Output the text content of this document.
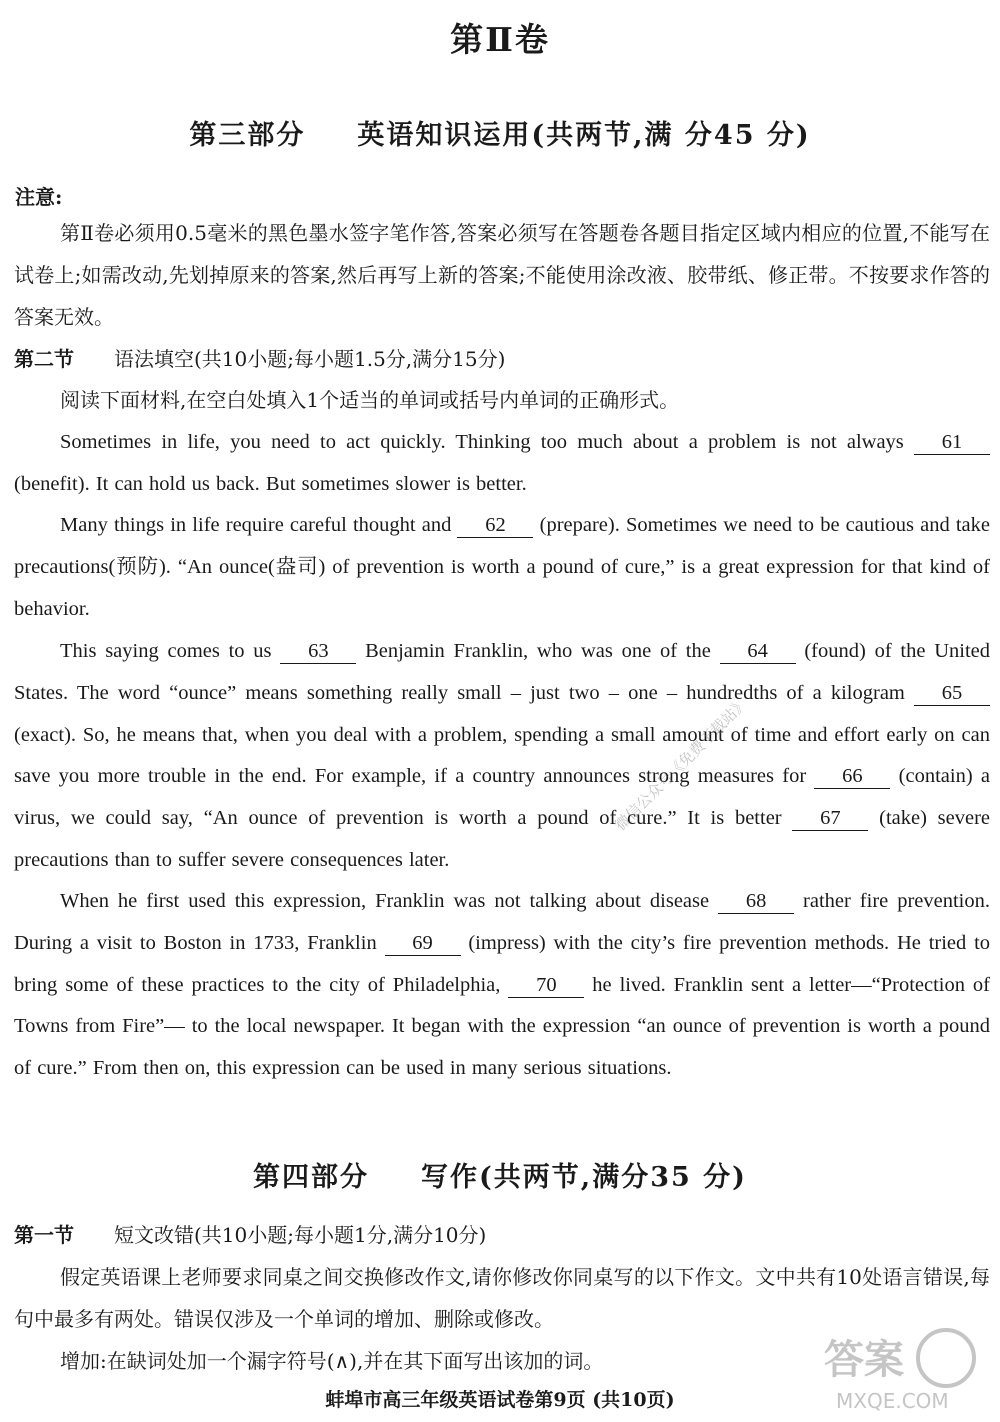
第Ⅱ卷
第三部分 英语知识运用(共两节,满 分45 分)
注意:

第Ⅱ卷必须用0.5毫米的黑色墨水签字笔作答,答案必须写在答题卷各题目指定区域内相应的位置,不能写在试卷上;如需改动,先划掉原来的答案,然后再写上新的答案;不能使用涂改液、胶带纸、修正带。不按要求作答的答案无效。

第二节 语法填空(共10小题;每小题1.5分,满分15分)

阅读下面材料,在空白处填入1个适当的单词或括号内单词的正确形式。

Sometimes in life, you need to act quickly. Thinking too much about a problem is not always 61 (benefit). It can hold us back. But sometimes slower is better.

Many things in life require careful thought and 62 (prepare). Sometimes we need to be cautious and take precautions(预防). “An ounce(盎司) of prevention is worth a pound of cure,” is a great expression for that kind of behavior.

This saying comes to us 63 Benjamin Franklin, who was one of the 64 (found) of the United States. The word “ounce” means something really small – just two – one – hundredths of a kilogram 65 (exact). So, he means that, when you deal with a problem, spending a small amount of time and effort early on can save you more trouble in the end. For example, if a country announces strong measures for 66 (contain) a virus, we could say, “An ounce of prevention is worth a pound of cure.” It is better 67 (take) severe precautions than to suffer severe consequences later.

When he first used this expression, Franklin was not talking about disease 68 rather fire prevention. During a visit to Boston in 1733, Franklin 69 (impress) with the city’s fire prevention methods. He tried to bring some of these practices to the city of Philadelphia, 70 he lived. Franklin sent a letter—“Protection of Towns from Fire”— to the local newspaper. It began with the expression “an ounce of prevention is worth a pound of cure.” From then on, this expression can be used in many serious situations.

第四部分 写作(共两节,满分35 分)
第一节 短文改错(共10小题;每小题1分,满分10分)

假定英语课上老师要求同桌之间交换修改作文,请你修改你同桌写的以下作文。文中共有10处语言错误,每句中最多有两处。错误仅涉及一个单词的增加、删除或修改。

增加:在缺词处加一个漏字符号(∧),并在其下面写出该加的词。

蚌埠市高三年级英语试卷第9页 (共10页)
微信公众号《免费下载站》
答案
MXQE.COM
